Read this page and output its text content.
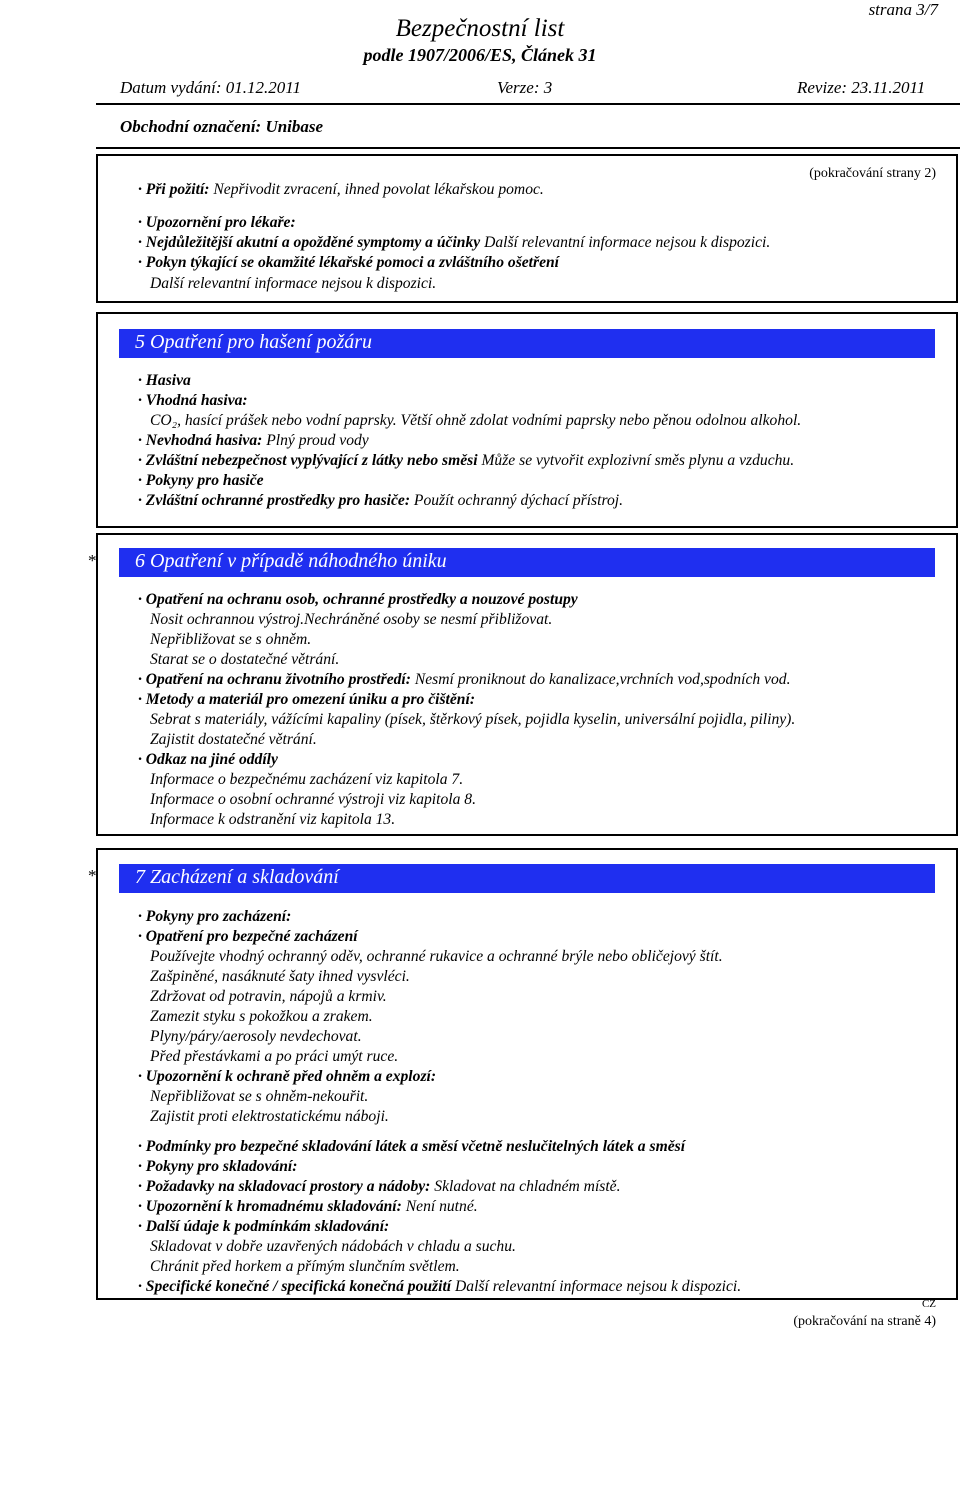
strana 3/7
Bezpečnostní list
podle 1907/2006/ES, Článek 31
Datum vydání: 01.12.2011	Verze: 3	Revize: 23.11.2011
Obchodní označení: Unibase
(pokračování strany 2)
· Při požití: Nepřivodit zvracení, ihned povolat lékařskou pomoc.
· Upozornění pro lékaře:
· Nejdůležitější akutní a opožděné symptomy a účinky Další relevantní informace nejsou k dispozici.
· Pokyn týkající se okamžité lékařské pomoci a zvláštního ošetření
Další relevantní informace nejsou k dispozici.
5 Opatření pro hašení požáru
· Hasiva
· Vhodná hasiva:
CO₂, hasící prášek nebo vodní paprsky. Větší ohně zdolat vodními paprsky nebo pěnou odolnou alkohol.
· Nevhodná hasiva: Plný proud vody
· Zvláštní nebezpečnost vyplývající z látky nebo směsi Může se vytvořit explozivní směs plynu a vzduchu.
· Pokyny pro hasiče
· Zvláštní ochranné prostředky pro hasiče: Použít ochranný dýchací přístroj.
* 6 Opatření v případě náhodného úniku
· Opatření na ochranu osob, ochranné prostředky a nouzové postupy
Nosit ochrannou výstroj.Nechráněné osoby se nesmí přibližovat.
Nepřibližovat se s ohněm.
Starat se o dostatečné větrání.
· Opatření na ochranu životního prostředí: Nesmí proniknout do kanalizace,vrchních vod,spodních vod.
· Metody a materiál pro omezení úniku a pro čištění:
Sebrat s materiály, vážícími kapaliny (písek, štěrkový písek, pojidla kyselin, universální pojidla, piliny).
Zajistit dostatečné větrání.
· Odkaz na jiné oddíly
Informace o bezpečnému zacházení viz kapitola 7.
Informace o osobní ochranné výstroji viz kapitola 8.
Informace k odstranění viz kapitola 13.
* 7 Zacházení a skladování
· Pokyny pro zacházení:
· Opatření pro bezpečné zacházení
Používejte vhodný ochranný oděv, ochranné rukavice a ochranné brýle nebo obličejový štít.
Zašpiněné, nasáknuté šaty ihned vysvléci.
Zdržovat od potravin, nápojů a krmiv.
Zamezit styku s pokožkou a zrakem.
Plyny/páry/aerosoly nevdechovat.
Před přestávkami a po práci umýt ruce.
· Upozornění k ochraně před ohněm a explozí:
Nepřibližovat se s ohněm-nekouřit.
Zajistit proti elektrostatickému náboji.
· Podmínky pro bezpečné skladování látek a směsí včetně neslučitelných látek a směsí
· Pokyny pro skladování:
· Požadavky na skladovací prostory a nádoby: Skladovat na chladném místě.
· Upozornění k hromadnému skladování: Není nutné.
· Další údaje k podmínkám skladování:
Skladovat v dobře uzavřených nádobách v chladu a suchu.
Chránit před horkem a přímým slunčním světlem.
· Specifické konečné / specifická konečná použití Další relevantní informace nejsou k dispozici.
CZ
(pokračování na straně 4)
